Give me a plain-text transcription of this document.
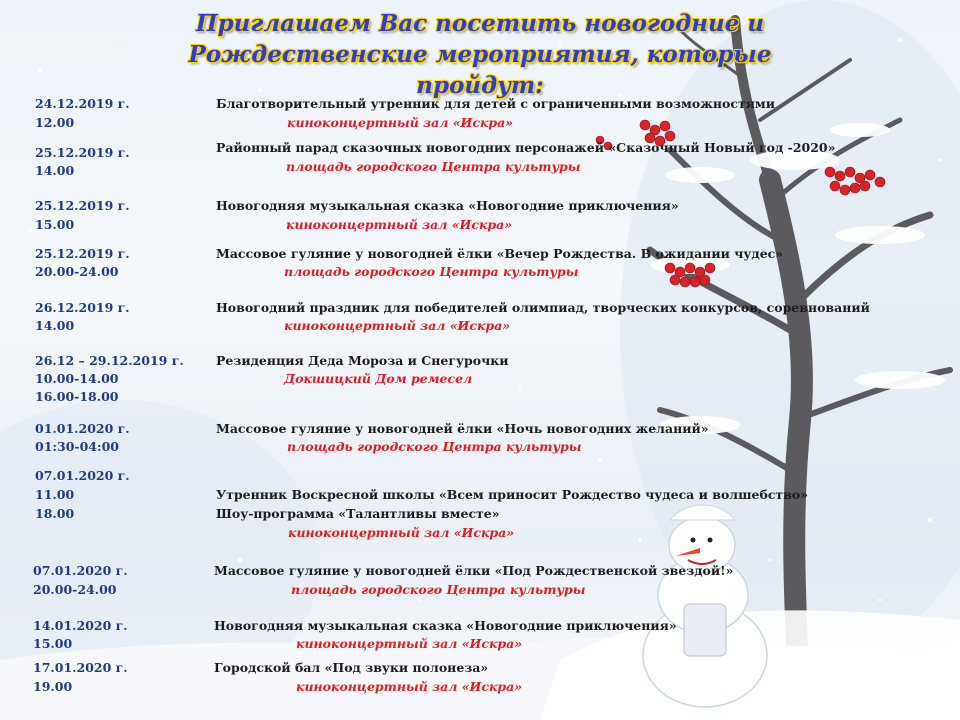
Приглашаем Вас посетить новогодние и
Рождественские мероприятия, которые пройдут:
24.12.2019 г.	Благотворительный утренник для детей с ограниченными возможностями
12.00	киноконцертный зал «Искра»
25.12.2019 г.	Районный парад сказочных новогодних персонажей «Сказочный Новый год -2020»
14.00	площадь городского Центра культуры
25.12.2019 г.	Новогодняя музыкальная сказка «Новогодние приключения»
15.00	киноконцертный зал «Искра»
25.12.2019 г.	Массовое гуляние у новогодней ёлки «Вечер Рождества. В ожидании чудес»
20.00-24.00	площадь городского Центра культуры
26.12.2019 г.	Новогодний праздник для победителей олимпиад, творческих конкурсов, соревнований
14.00	киноконцертный зал «Искра»
26.12 – 29.12.2019 г.	Резиденция Деда Мороза и Снегурочки
10.00-14.00	Докшицкий Дом ремесел
16.00-18.00
01.01.2020 г.	Массовое гуляние у новогодней ёлки «Ночь новогодних желаний»
01:30-04:00	площадь городского Центра культуры
07.01.2020 г.
11.00	Утренник Воскресной школы «Всем приносит Рождество чудеса и волшебство»
18.00	Шоу-программа «Талантливы вместе»
киноконцертный зал «Искра»
07.01.2020 г.	Массовое гуляние у новогодней ёлки «Под Рождественской звездой!»
20.00-24.00	площадь городского Центра культуры
14.01.2020 г.	Новогодняя музыкальная сказка «Новогодние приключения»
15.00	киноконцертный зал «Искра»
17.01.2020 г.	Городской бал «Под звуки полонеза»
19.00	киноконцертный зал «Искра»
